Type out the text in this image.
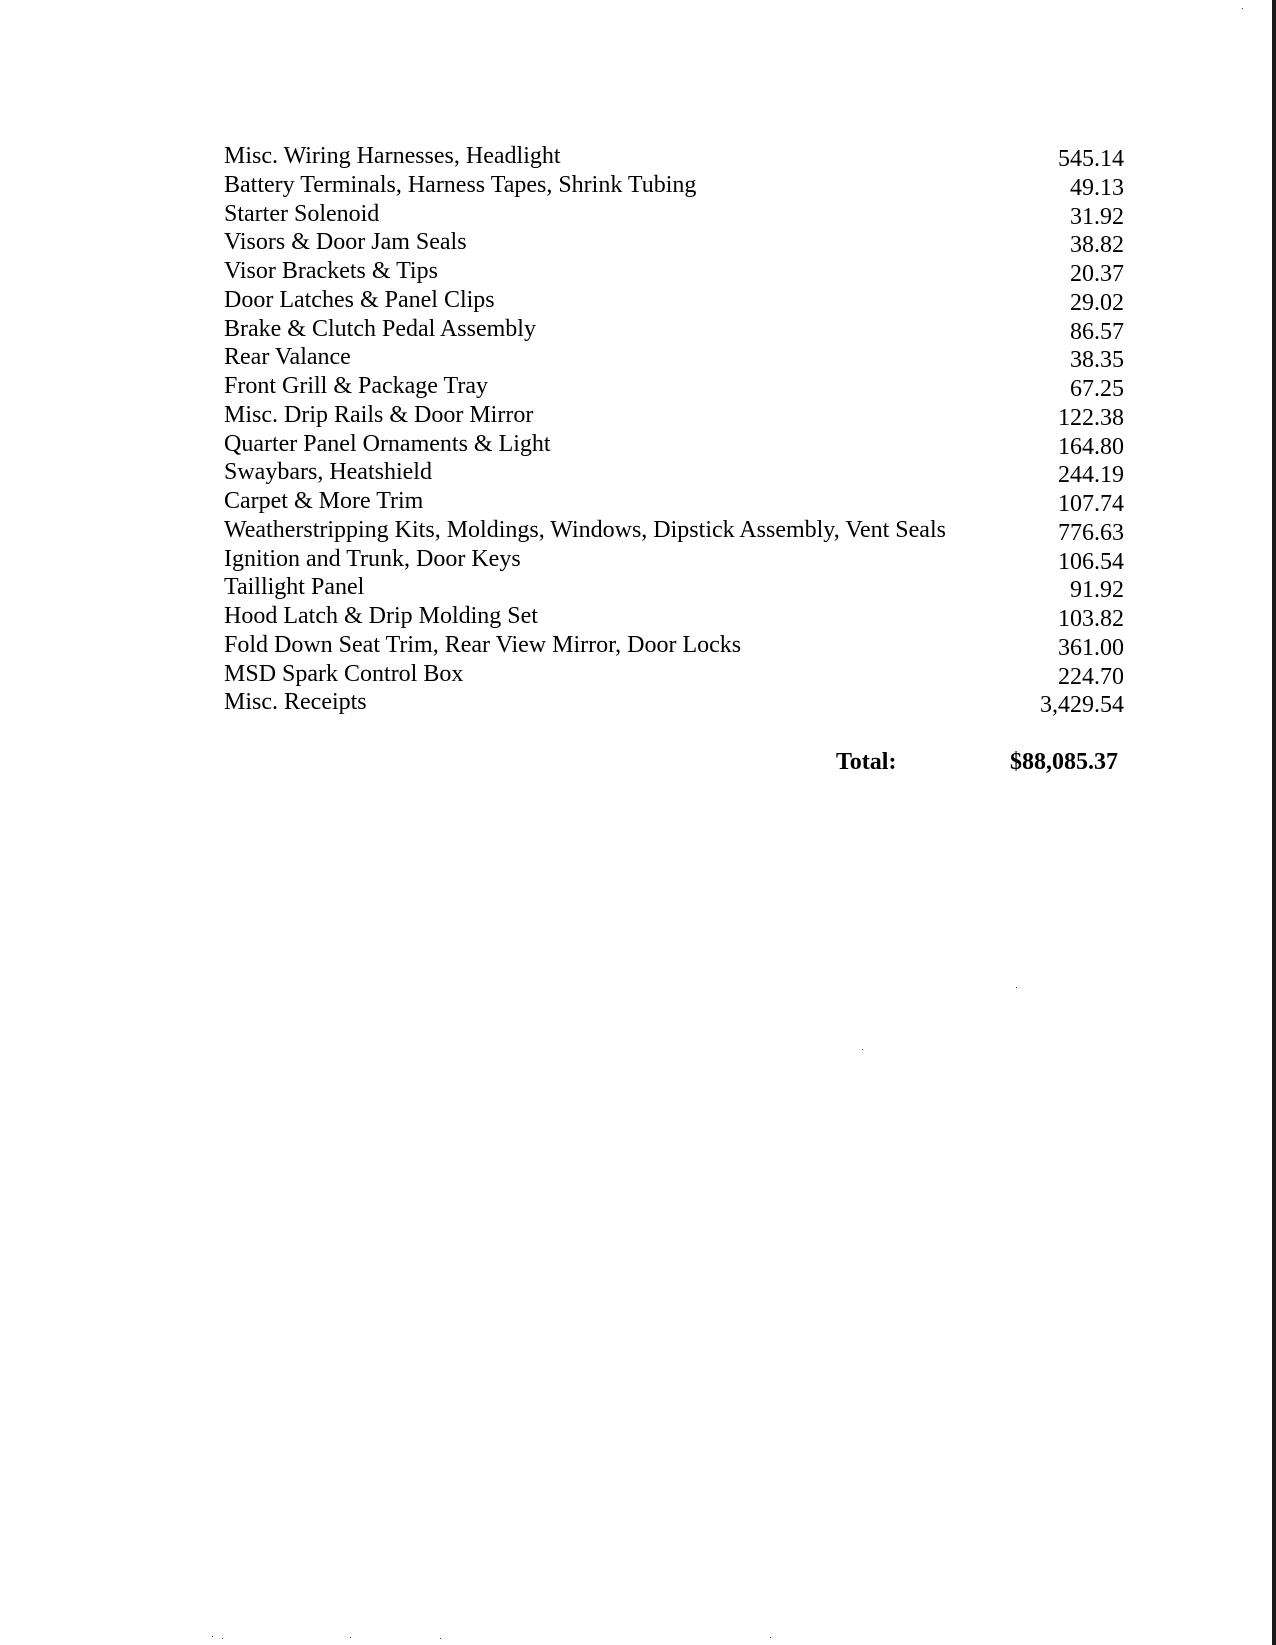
Misc. Wiring Harnesses, Headlight	545.14
Battery Terminals, Harness Tapes, Shrink Tubing	49.13
Starter Solenoid	31.92
Visors & Door Jam Seals	38.82
Visor Brackets & Tips	20.37
Door Latches & Panel Clips	29.02
Brake & Clutch Pedal Assembly	86.57
Rear Valance	38.35
Front Grill & Package Tray	67.25
Misc. Drip Rails & Door Mirror	122.38
Quarter Panel Ornaments & Light	164.80
Swaybars, Heatshield	244.19
Carpet & More Trim	107.74
Weatherstripping Kits, Moldings, Windows, Dipstick Assembly, Vent Seals	776.63
Ignition and Trunk, Door Keys	106.54
Taillight Panel	91.92
Hood Latch & Drip Molding Set	103.82
Fold Down Seat Trim, Rear View Mirror, Door Locks	361.00
MSD Spark Control Box	224.70
Misc. Receipts	3,429.54
Total:	$88,085.37
